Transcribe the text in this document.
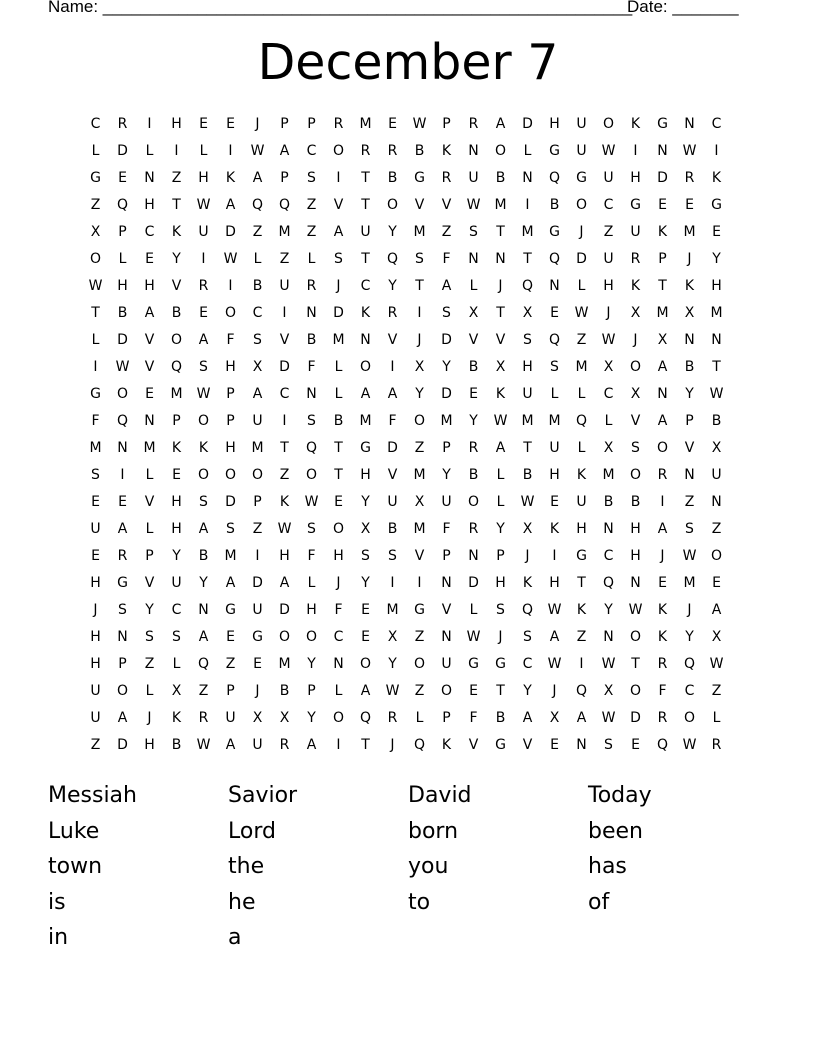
Name: ________________________________________________________
Date: _______
December 7
C	R	I	H	E	E	J	P	P	R	M	E	W	P	R	A	D	H	U	O	K	G	N	C
L	D	L	I	L	I	W	A	C	O	R	R	B	K	N	O	L	G	U	W	I	N	W	I
G	E	N	Z	H	K	A	P	S	I	T	B	G	R	U	B	N	Q	G	U	H	D	R	K
Z	Q	H	T	W	A	Q	Q	Z	V	T	O	V	V	W	M	I	B	O	C	G	E	E	G
X	P	C	K	U	D	Z	M	Z	A	U	Y	M	Z	S	T	M	G	J	Z	U	K	M	E
O	L	E	Y	I	W	L	Z	L	S	T	Q	S	F	N	N	T	Q	D	U	R	P	J	Y
W	H	H	V	R	I	B	U	R	J	C	Y	T	A	L	J	Q	N	L	H	K	T	K	H
T	B	A	B	E	O	C	I	N	D	K	R	I	S	X	T	X	E	W	J	X	M	X	M
L	D	V	O	A	F	S	V	B	M	N	V	J	D	V	V	S	Q	Z	W	J	X	N	N
I	W	V	Q	S	H	X	D	F	L	O	I	X	Y	B	X	H	S	M	X	O	A	B	T
G	O	E	M	W	P	A	C	N	L	A	A	Y	D	E	K	U	L	L	C	X	N	Y	W
F	Q	N	P	O	P	U	I	S	B	M	F	O	M	Y	W	M	M	Q	L	V	A	P	B
M	N	M	K	K	H	M	T	Q	T	G	D	Z	P	R	A	T	U	L	X	S	O	V	X
S	I	L	E	O	O	O	Z	O	T	H	V	M	Y	B	L	B	H	K	M	O	R	N	U
E	E	V	H	S	D	P	K	W	E	Y	U	X	U	O	L	W	E	U	B	B	I	Z	N
U	A	L	H	A	S	Z	W	S	O	X	B	M	F	R	Y	X	K	H	N	H	A	S	Z
E	R	P	Y	B	M	I	H	F	H	S	S	V	P	N	P	J	I	G	C	H	J	W	O
H	G	V	U	Y	A	D	A	L	J	Y	I	I	N	D	H	K	H	T	Q	N	E	M	E
J	S	Y	C	N	G	U	D	H	F	E	M	G	V	L	S	Q	W	K	Y	W	K	J	A
H	N	S	S	A	E	G	O	O	C	E	X	Z	N	W	J	S	A	Z	N	O	K	Y	X
H	P	Z	L	Q	Z	E	M	Y	N	O	Y	O	U	G	G	C	W	I	W	T	R	Q	W
U	O	L	X	Z	P	J	B	P	L	A	W	Z	O	E	T	Y	J	Q	X	O	F	C	Z
U	A	J	K	R	U	X	X	Y	O	Q	R	L	P	F	B	A	X	A	W	D	R	O	L
Z	D	H	B	W	A	U	R	A	I	T	J	Q	K	V	G	V	E	N	S	E	Q	W	R
Messiah	Savior	David	Today
Luke	Lord	born	been
town	the	you	has
is	he	to	of
in	a
